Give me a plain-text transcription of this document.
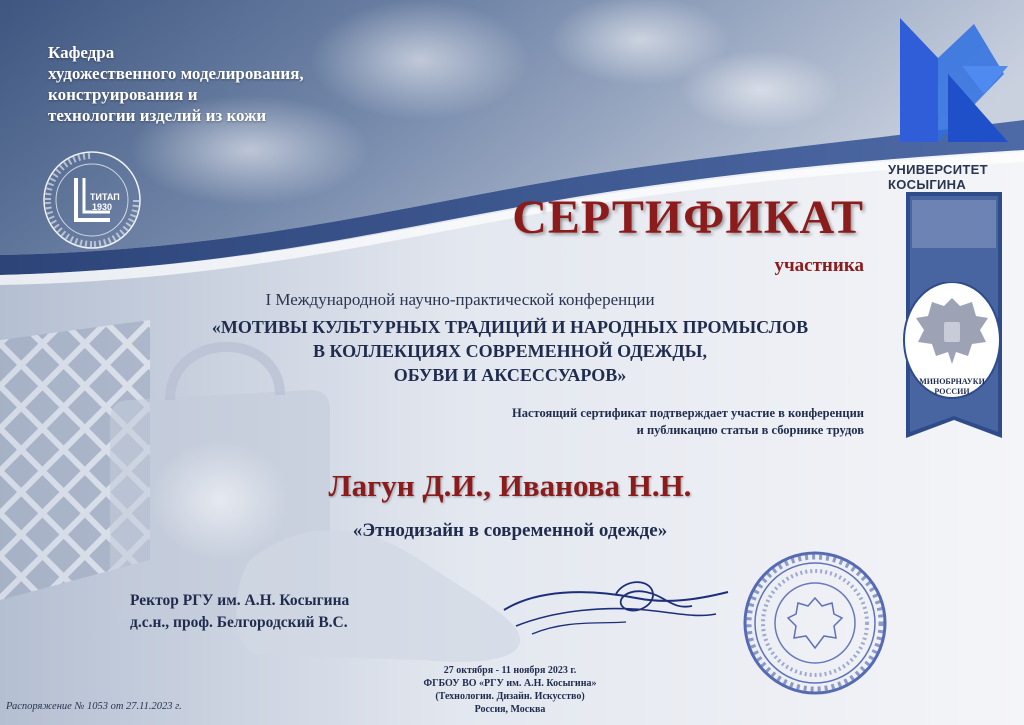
ТИТАП
1930
УНИВЕРСИТЕТ
КОСЫГИНА
МИНОБРНАУКИ
РОССИИ
Кафедра
художественного моделирования,
конструирования и
технологии изделий из кожи
СЕРТИФИКАТ
участника
I Международной научно-практической конференции
«МОТИВЫ КУЛЬТУРНЫХ ТРАДИЦИЙ И НАРОДНЫХ ПРОМЫСЛОВ
В КОЛЛЕКЦИЯХ СОВРЕМЕННОЙ ОДЕЖДЫ,
ОБУВИ И АКСЕССУАРОВ»
Настоящий сертификат подтверждает участие в конференции
и публикацию статьи в сборнике трудов
Лагун Д.И., Иванова Н.Н.
«Этнодизайн в современной одежде»
Ректор РГУ им. А.Н. Косыгина
д.с.н., проф. Белгородский В.С.
27 октября - 11 ноября 2023 г.
ФГБОУ ВО «РГУ им. А.Н. Косыгина»
(Технологии. Дизайн. Искусство)
Россия, Москва
Распоряжение № 1053 от 27.11.2023 г.
